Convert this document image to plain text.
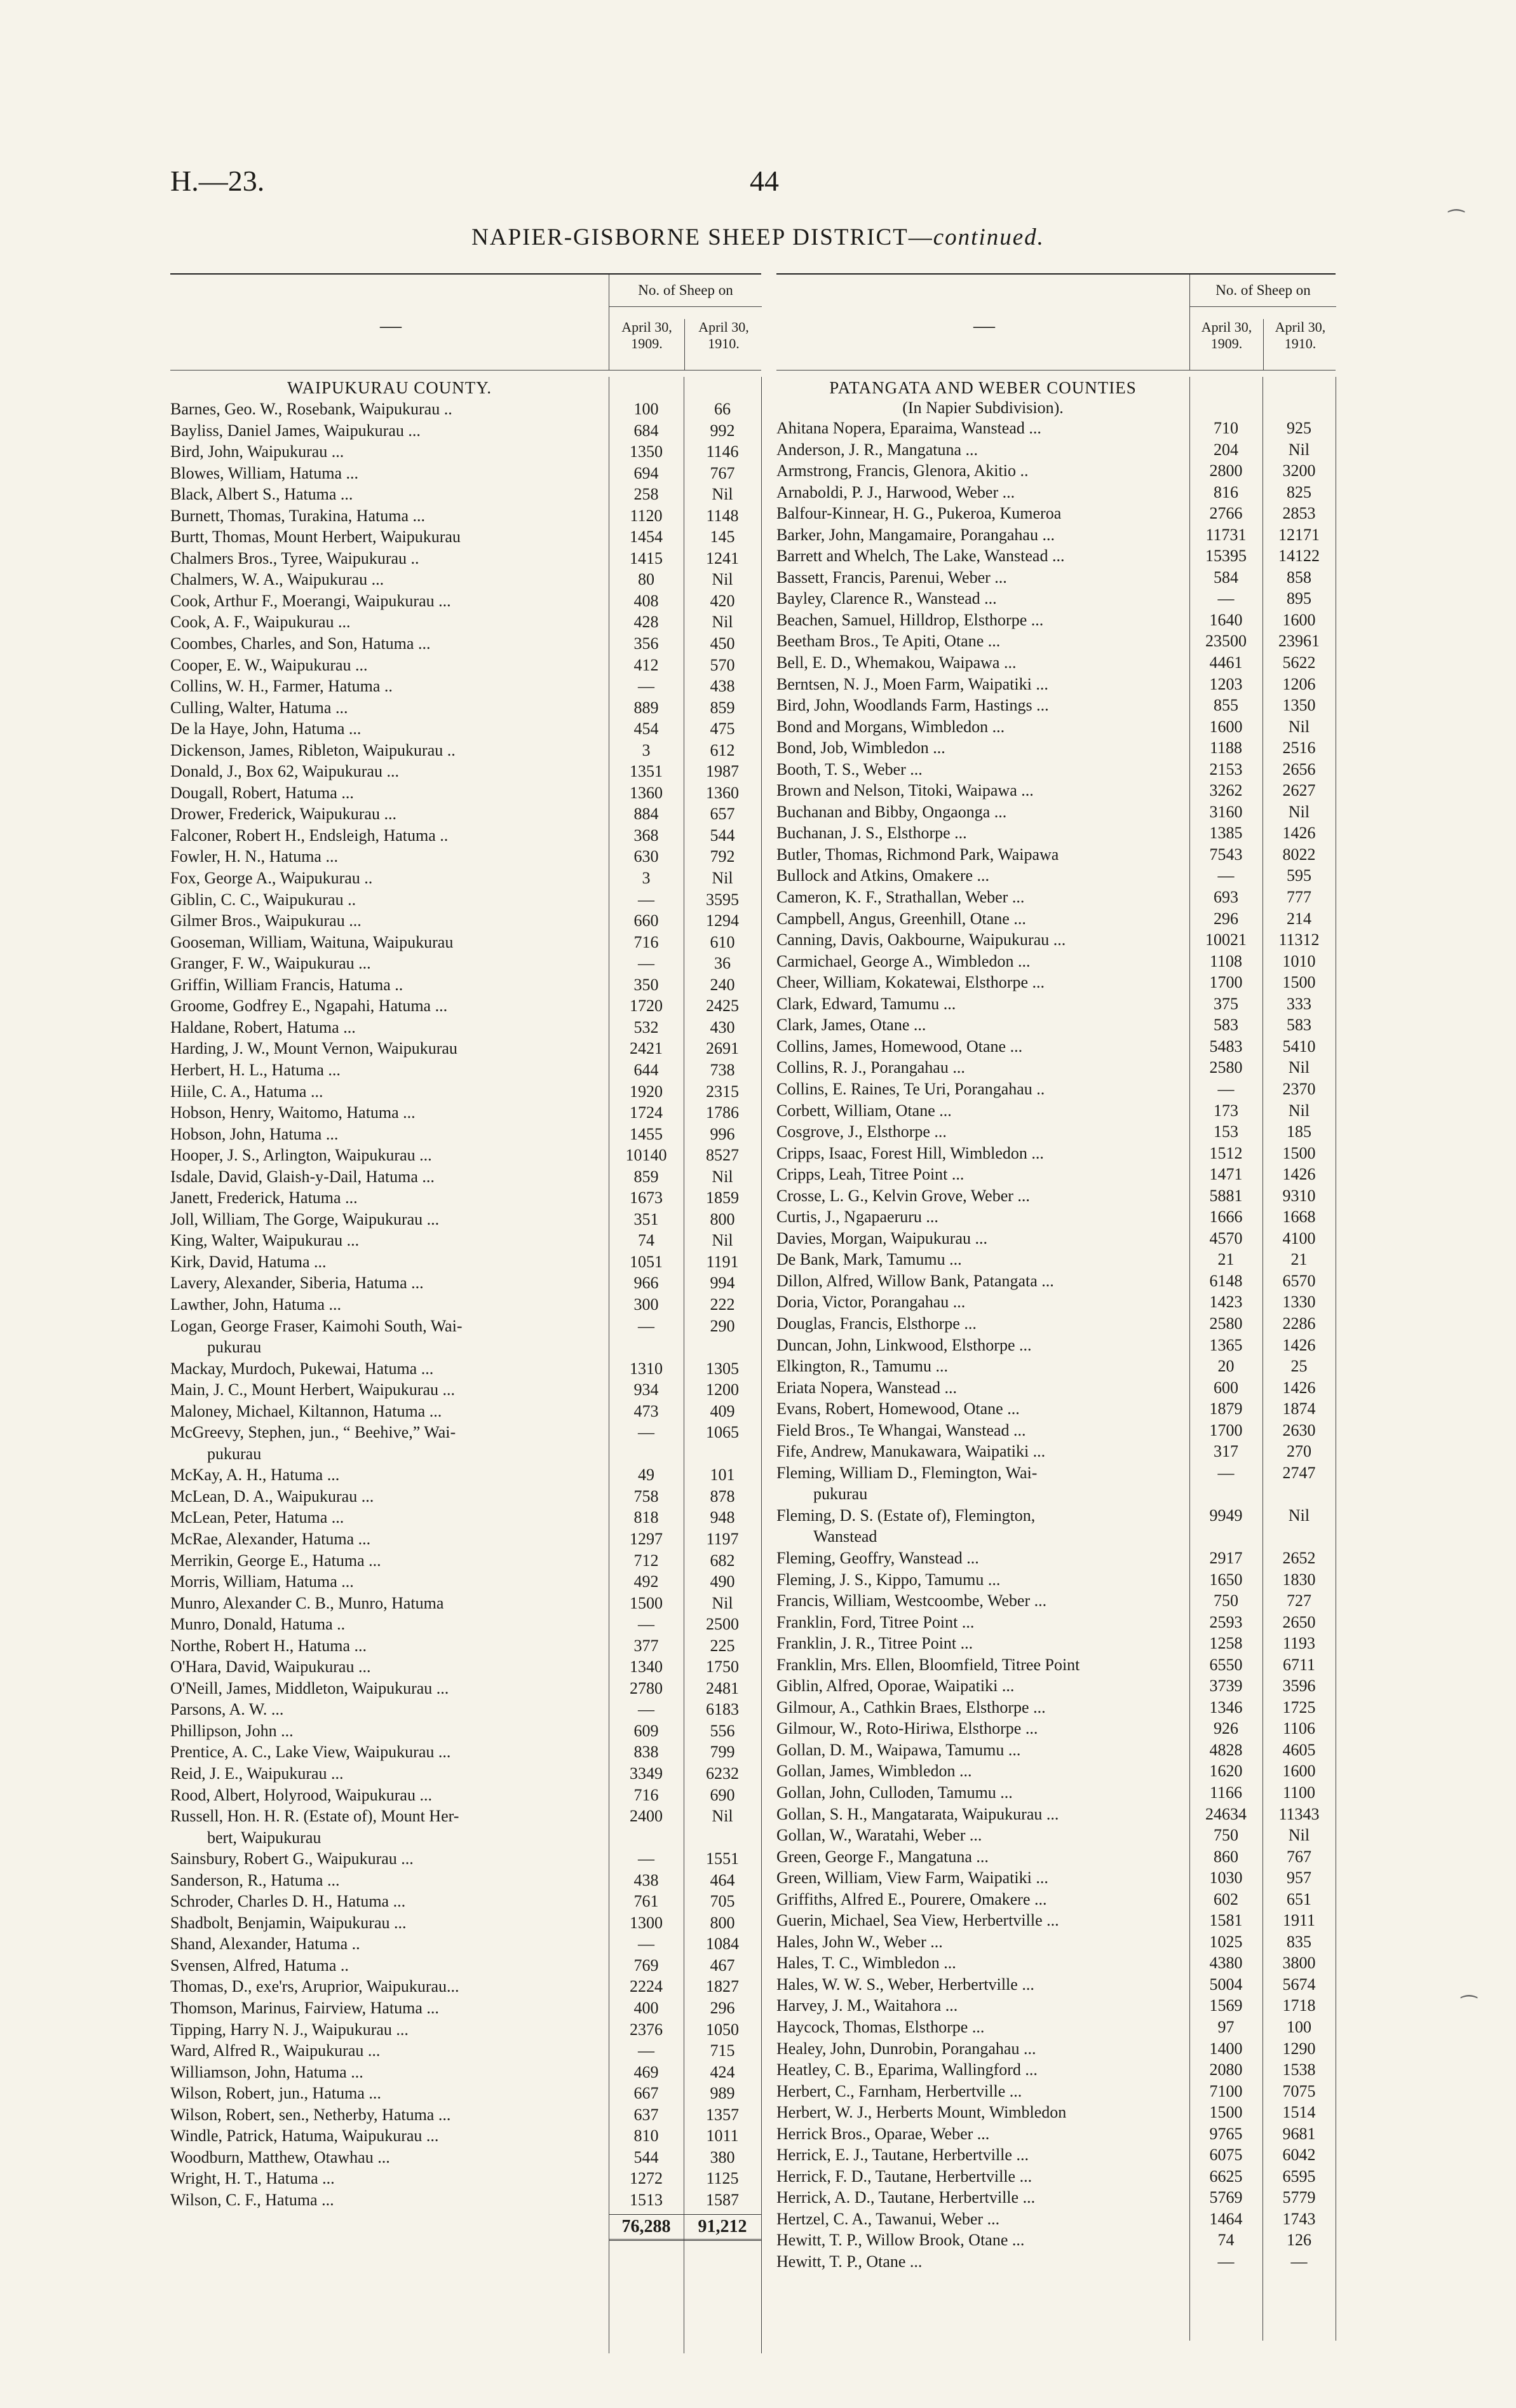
H.—23.	44
NAPIER-GISBORNE SHEEP DISTRICT—continued.
—
No. of Sheep on
April 30, 1909.
April 30, 1910.
WAIPUKURAU COUNTY.
Barnes, Geo. W., Rosebank, Waipukurau ..	100	66
Bayliss, Daniel James, Waipukurau ...	684	992
Bird, John, Waipukurau ...	1350	1146
Blowes, William, Hatuma ...	694	767
Black, Albert S., Hatuma ...	258	Nil
Burnett, Thomas, Turakina, Hatuma ...	1120	1148
Burtt, Thomas, Mount Herbert, Waipukurau	1454	145
Chalmers Bros., Tyree, Waipukurau ..	1415	1241
Chalmers, W. A., Waipukurau ...	80	Nil
Cook, Arthur F., Moerangi, Waipukurau ...	408	420
Cook, A. F., Waipukurau ...	428	Nil
Coombes, Charles, and Son, Hatuma ...	356	450
Cooper, E. W., Waipukurau ...	412	570
Collins, W. H., Farmer, Hatuma ..	—	438
Culling, Walter, Hatuma ...	889	859
De la Haye, John, Hatuma ...	454	475
Dickenson, James, Ribleton, Waipukurau ..	3	612
Donald, J., Box 62, Waipukurau ...	1351	1987
Dougall, Robert, Hatuma ...	1360	1360
Drower, Frederick, Waipukurau ...	884	657
Falconer, Robert H., Endsleigh, Hatuma ..	368	544
Fowler, H. N., Hatuma ...	630	792
Fox, George A., Waipukurau ..	3	Nil
Giblin, C. C., Waipukurau ..	—	3595
Gilmer Bros., Waipukurau ...	660	1294
Gooseman, William, Waituna, Waipukurau	716	610
Granger, F. W., Waipukurau ...	—	36
Griffin, William Francis, Hatuma ..	350	240
Groome, Godfrey E., Ngapahi, Hatuma ...	1720	2425
Haldane, Robert, Hatuma ...	532	430
Harding, J. W., Mount Vernon, Waipukurau	2421	2691
Herbert, H. L., Hatuma ...	644	738
Hiile, C. A., Hatuma ...	1920	2315
Hobson, Henry, Waitomo, Hatuma ...	1724	1786
Hobson, John, Hatuma ...	1455	996
Hooper, J. S., Arlington, Waipukurau ...	10140	8527
Isdale, David, Glaish-y-Dail, Hatuma ...	859	Nil
Janett, Frederick, Hatuma ...	1673	1859
Joll, William, The Gorge, Waipukurau ...	351	800
King, Walter, Waipukurau ...	74	Nil
Kirk, David, Hatuma ...	1051	1191
Lavery, Alexander, Siberia, Hatuma ...	966	994
Lawther, John, Hatuma ...	300	222
Logan, George Fraser, Kaimohi South, Wai-	—	290
pukurau
Mackay, Murdoch, Pukewai, Hatuma ...	1310	1305
Main, J. C., Mount Herbert, Waipukurau ...	934	1200
Maloney, Michael, Kiltannon, Hatuma ...	473	409
McGreevy, Stephen, jun., “ Beehive,” Wai-	—	1065
pukurau
McKay, A. H., Hatuma ...	49	101
McLean, D. A., Waipukurau ...	758	878
McLean, Peter, Hatuma ...	818	948
McRae, Alexander, Hatuma ...	1297	1197
Merrikin, George E., Hatuma ...	712	682
Morris, William, Hatuma ...	492	490
Munro, Alexander C. B., Munro, Hatuma	1500	Nil
Munro, Donald, Hatuma ..	—	2500
Northe, Robert H., Hatuma ...	377	225
O'Hara, David, Waipukurau ...	1340	1750
O'Neill, James, Middleton, Waipukurau ...	2780	2481
Parsons, A. W. ...	—	6183
Phillipson, John ...	609	556
Prentice, A. C., Lake View, Waipukurau ...	838	799
Reid, J. E., Waipukurau ...	3349	6232
Rood, Albert, Holyrood, Waipukurau ...	716	690
Russell, Hon. H. R. (Estate of), Mount Her-	2400	Nil
bert, Waipukurau
Sainsbury, Robert G., Waipukurau ...	—	1551
Sanderson, R., Hatuma ...	438	464
Schroder, Charles D. H., Hatuma ...	761	705
Shadbolt, Benjamin, Waipukurau ...	1300	800
Shand, Alexander, Hatuma ..	—	1084
Svensen, Alfred, Hatuma ..	769	467
Thomas, D., exe'rs, Aruprior, Waipukurau...	2224	1827
Thomson, Marinus, Fairview, Hatuma ...	400	296
Tipping, Harry N. J., Waipukurau ...	2376	1050
Ward, Alfred R., Waipukurau ...	—	715
Williamson, John, Hatuma ...	469	424
Wilson, Robert, jun., Hatuma ...	667	989
Wilson, Robert, sen., Netherby, Hatuma ...	637	1357
Windle, Patrick, Hatuma, Waipukurau ...	810	1011
Woodburn, Matthew, Otawhau ...	544	380
Wright, H. T., Hatuma ...	1272	1125
Wilson, C. F., Hatuma ...	1513	1587
76,288	91,212
—
No. of Sheep on
April 30, 1909.
April 30, 1910.
PATANGATA AND WEBER COUNTIES
(In Napier Subdivision).
Ahitana Nopera, Eparaima, Wanstead ...	710	925
Anderson, J. R., Mangatuna ...	204	Nil
Armstrong, Francis, Glenora, Akitio ..	2800	3200
Arnaboldi, P. J., Harwood, Weber ...	816	825
Balfour-Kinnear, H. G., Pukeroa, Kumeroa	2766	2853
Barker, John, Mangamaire, Porangahau ...	11731	12171
Barrett and Whelch, The Lake, Wanstead ...	15395	14122
Bassett, Francis, Parenui, Weber ...	584	858
Bayley, Clarence R., Wanstead ...	—	895
Beachen, Samuel, Hilldrop, Elsthorpe ...	1640	1600
Beetham Bros., Te Apiti, Otane ...	23500	23961
Bell, E. D., Whemakou, Waipawa ...	4461	5622
Berntsen, N. J., Moen Farm, Waipatiki ...	1203	1206
Bird, John, Woodlands Farm, Hastings ...	855	1350
Bond and Morgans, Wimbledon ...	1600	Nil
Bond, Job, Wimbledon ...	1188	2516
Booth, T. S., Weber ...	2153	2656
Brown and Nelson, Titoki, Waipawa ...	3262	2627
Buchanan and Bibby, Ongaonga ...	3160	Nil
Buchanan, J. S., Elsthorpe ...	1385	1426
Butler, Thomas, Richmond Park, Waipawa	7543	8022
Bullock and Atkins, Omakere ...	—	595
Cameron, K. F., Strathallan, Weber ...	693	777
Campbell, Angus, Greenhill, Otane ...	296	214
Canning, Davis, Oakbourne, Waipukurau ...	10021	11312
Carmichael, George A., Wimbledon ...	1108	1010
Cheer, William, Kokatewai, Elsthorpe ...	1700	1500
Clark, Edward, Tamumu ...	375	333
Clark, James, Otane ...	583	583
Collins, James, Homewood, Otane ...	5483	5410
Collins, R. J., Porangahau ...	2580	Nil
Collins, E. Raines, Te Uri, Porangahau ..	—	2370
Corbett, William, Otane ...	173	Nil
Cosgrove, J., Elsthorpe ...	153	185
Cripps, Isaac, Forest Hill, Wimbledon ...	1512	1500
Cripps, Leah, Titree Point ...	1471	1426
Crosse, L. G., Kelvin Grove, Weber ...	5881	9310
Curtis, J., Ngapaeruru ...	1666	1668
Davies, Morgan, Waipukurau ...	4570	4100
De Bank, Mark, Tamumu ...	21	21
Dillon, Alfred, Willow Bank, Patangata ...	6148	6570
Doria, Victor, Porangahau ...	1423	1330
Douglas, Francis, Elsthorpe ...	2580	2286
Duncan, John, Linkwood, Elsthorpe ...	1365	1426
Elkington, R., Tamumu ...	20	25
Eriata Nopera, Wanstead ...	600	1426
Evans, Robert, Homewood, Otane ...	1879	1874
Field Bros., Te Whangai, Wanstead ...	1700	2630
Fife, Andrew, Manukawara, Waipatiki ...	317	270
Fleming, William D., Flemington, Wai-	—	2747
pukurau
Fleming, D. S. (Estate of), Flemington,	9949	Nil
Wanstead
Fleming, Geoffry, Wanstead ...	2917	2652
Fleming, J. S., Kippo, Tamumu ...	1650	1830
Francis, William, Westcoombe, Weber ...	750	727
Franklin, Ford, Titree Point ...	2593	2650
Franklin, J. R., Titree Point ...	1258	1193
Franklin, Mrs. Ellen, Bloomfield, Titree Point	6550	6711
Giblin, Alfred, Oporae, Waipatiki ...	3739	3596
Gilmour, A., Cathkin Braes, Elsthorpe ...	1346	1725
Gilmour, W., Roto-Hiriwa, Elsthorpe ...	926	1106
Gollan, D. M., Waipawa, Tamumu ...	4828	4605
Gollan, James, Wimbledon ...	1620	1600
Gollan, John, Culloden, Tamumu ...	1166	1100
Gollan, S. H., Mangatarata, Waipukurau ...	24634	11343
Gollan, W., Waratahi, Weber ...	750	Nil
Green, George F., Mangatuna ...	860	767
Green, William, View Farm, Waipatiki ...	1030	957
Griffiths, Alfred E., Pourere, Omakere ...	602	651
Guerin, Michael, Sea View, Herbertville ...	1581	1911
Hales, John W., Weber ...	1025	835
Hales, T. C., Wimbledon ...	4380	3800
Hales, W. W. S., Weber, Herbertville ...	5004	5674
Harvey, J. M., Waitahora ...	1569	1718
Haycock, Thomas, Elsthorpe ...	97	100
Healey, John, Dunrobin, Porangahau ...	1400	1290
Heatley, C. B., Eparima, Wallingford ...	2080	1538
Herbert, C., Farnham, Herbertville ...	7100	7075
Herbert, W. J., Herberts Mount, Wimbledon	1500	1514
Herrick Bros., Oparae, Weber ...	9765	9681
Herrick, E. J., Tautane, Herbertville ...	6075	6042
Herrick, F. D., Tautane, Herbertville ...	6625	6595
Herrick, A. D., Tautane, Herbertville ...	5769	5779
Hertzel, C. A., Tawanui, Weber ...	1464	1743
Hewitt, T. P., Willow Brook, Otane ...	74	126
Hewitt, T. P., Otane ...	—	—
⁀
⁀
